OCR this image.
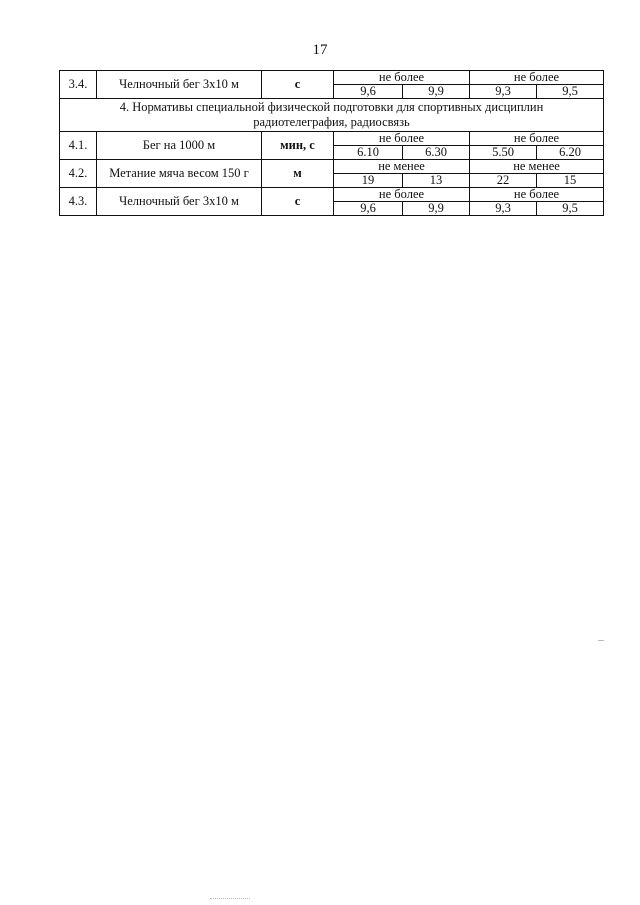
17
3.4.	Челночный бег 3x10 м	с	не более		не более	
			9,6	9,9	9,3	9,5

4. Нормативы специальной физической подготовки для спортивных дисциплин
радиотелеграфия, радиосвязь						

4.1.	Бег на 1000 м	мин, с	не более		не более	
			6.10	6.30	5.50	6.20
4.2.	Метание мяча весом 150 г	м	не менее		не менее	
			19	13	22	15
4.3.	Челночный бег 3x10 м	с	не более		не более	
			9,6	9,9	9,3	9,5
